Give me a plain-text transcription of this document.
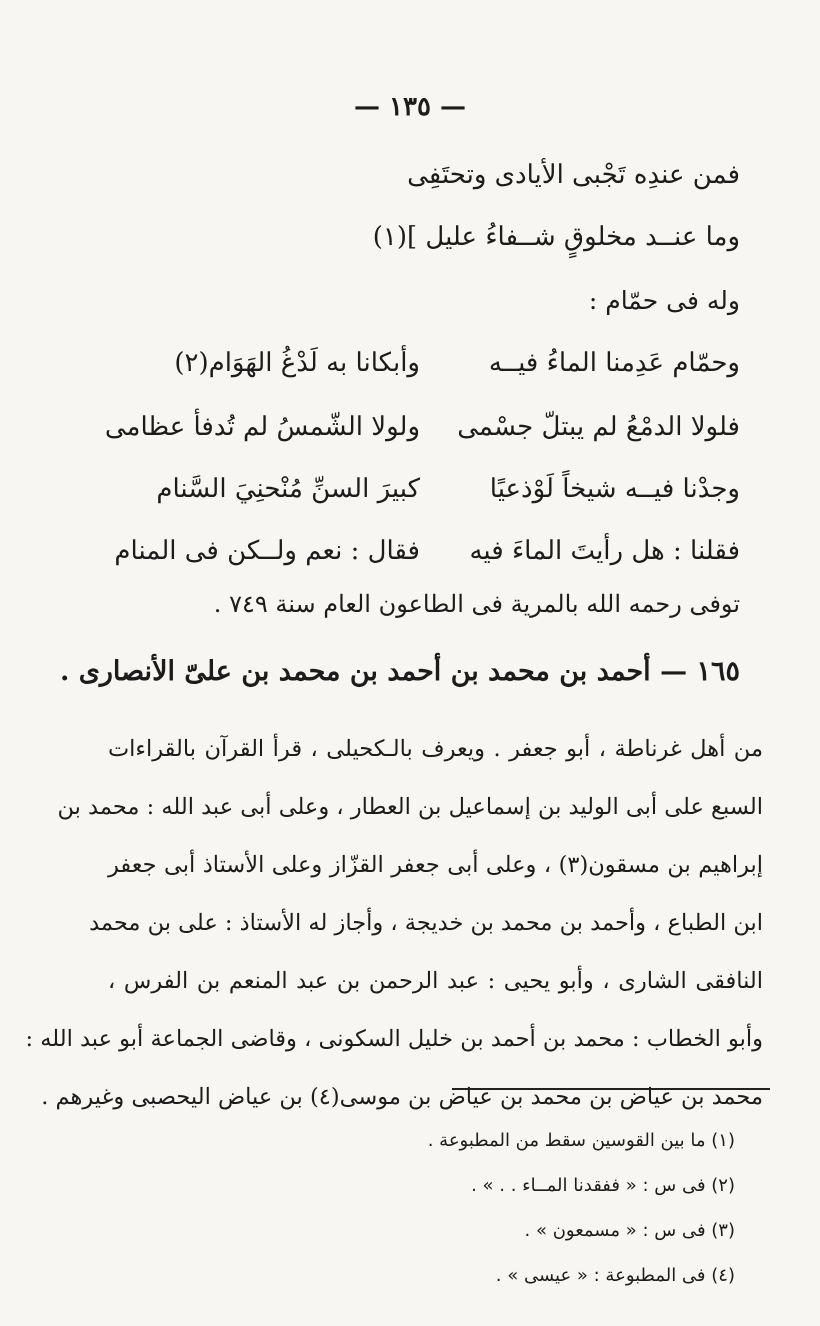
— ١٣٥ —
فمن عندِه تَجْبى الأيادى وتحتَفِى
وما عنــد مخلوقٍ شــفاءُ عليل ](١)
وله فى حمّام :
وحمّام عَدِمنا الماءُ فيــه
وأبكانا به لَدْغُ الهَوَام(٢)
فلولا الدمْعُ لم يبتلّ جسْمى
ولولا الشّمسُ لم تُدفأ عظامى
وجدْنا فيــه شيخاً لَوْذعيًا
كبيرَ السنِّ مُنْحنِيَ السَّنام
فقلنا : هل رأيتَ الماءَ فيه
فقال : نعم ولــكن فى المنام
توفى رحمه الله بالمرية فى الطاعون العام سنة ٧٤٩ .
١٦٥ — أحمد بن محمد بن أحمد بن محمد بن علىّ الأنصارى .
من أهل غرناطة ، أبو جعفر . ويعرف بالـكحيلى ، قرأ القرآن بالقراءات
السبع على أبى الوليد بن إسماعيل بن العطار ، وعلى أبى عبد الله : محمد بن
إبراهيم بن مسقون(٣) ، وعلى أبى جعفر القزّاز وعلى الأستاذ أبى جعفر
ابن الطباع ، وأحمد بن محمد بن خديجة ، وأجاز له الأستاذ : على بن محمد
النافقى الشارى ، وأبو يحيى : عبد الرحمن بن عبد المنعم بن الفرس ،
وأبو الخطاب : محمد بن أحمد بن خليل السكونى ، وقاضى الجماعة أبو عبد الله :
محمد بن عياض بن محمد بن عياض بن موسى(٤) بن عياض اليحصبى وغيرهم .
(١) ما بين القوسين سقط من المطبوعة .
(٢) فى س : « ففقدنا المــاء . . » .
(٣) فى س : « مسمعون » .
(٤) فى المطبوعة : « عيسى » .
